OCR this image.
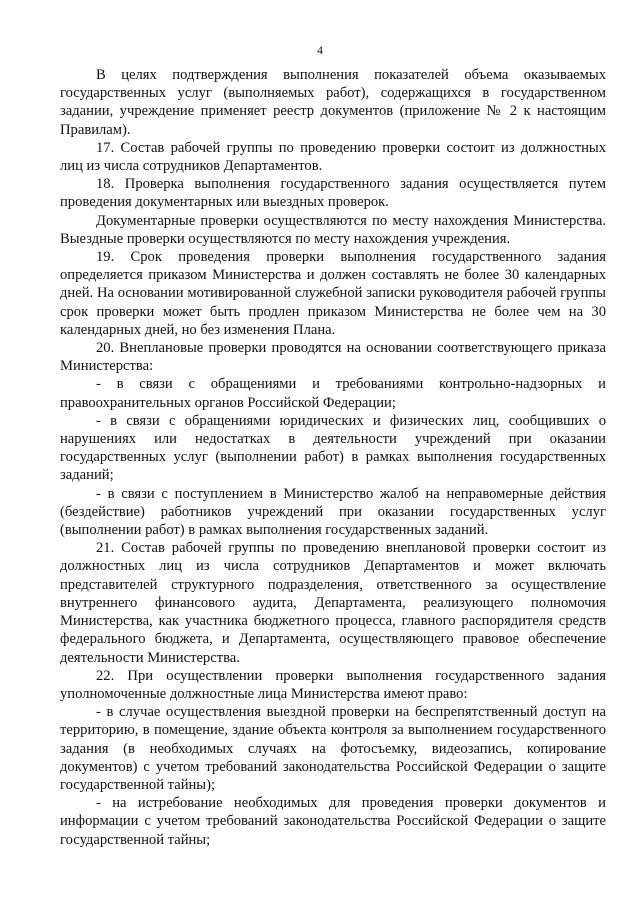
4

В целях подтверждения выполнения показателей объема оказываемых государственных услуг (выполняемых работ), содержащихся в государственном задании, учреждение применяет реестр документов (приложение № 2 к настоящим Правилам).

17. Состав рабочей группы по проведению проверки состоит из должностных лиц из числа сотрудников Департаментов.

18. Проверка выполнения государственного задания осуществляется путем проведения документарных или выездных проверок.

Документарные проверки осуществляются по месту нахождения Министерства. Выездные проверки осуществляются по месту нахождения учреждения.

19. Срок проведения проверки выполнения государственного задания определяется приказом Министерства и должен составлять не более 30 календарных дней. На основании мотивированной служебной записки руководителя рабочей группы срок проверки может быть продлен приказом Министерства не более чем на 30 календарных дней, но без изменения Плана.

20. Внеплановые проверки проводятся на основании соответствующего приказа Министерства:

- в связи с обращениями и требованиями контрольно-надзорных и правоохранительных органов Российской Федерации;

- в связи с обращениями юридических и физических лиц, сообщивших о нарушениях или недостатках в деятельности учреждений при оказании государственных услуг (выполнении работ) в рамках выполнения государственных заданий;

- в связи с поступлением в Министерство жалоб на неправомерные действия (бездействие) работников учреждений при оказании государственных услуг (выполнении работ) в рамках выполнения государственных заданий.

21. Состав рабочей группы по проведению внеплановой проверки состоит из должностных лиц из числа сотрудников Департаментов и может включать представителей структурного подразделения, ответственного за осуществление внутреннего финансового аудита, Департамента, реализующего полномочия Министерства, как участника бюджетного процесса, главного распорядителя средств федерального бюджета, и Департамента, осуществляющего правовое обеспечение деятельности Министерства.

22. При осуществлении проверки выполнения государственного задания уполномоченные должностные лица Министерства имеют право:

- в случае осуществления выездной проверки на беспрепятственный доступ на территорию, в помещение, здание объекта контроля за выполнением государственного задания (в необходимых случаях на фотосъемку, видеозапись, копирование документов) с учетом требований законодательства Российской Федерации о защите государственной тайны);

- на истребование необходимых для проведения проверки документов и информации с учетом требований законодательства Российской Федерации о защите государственной тайны;
